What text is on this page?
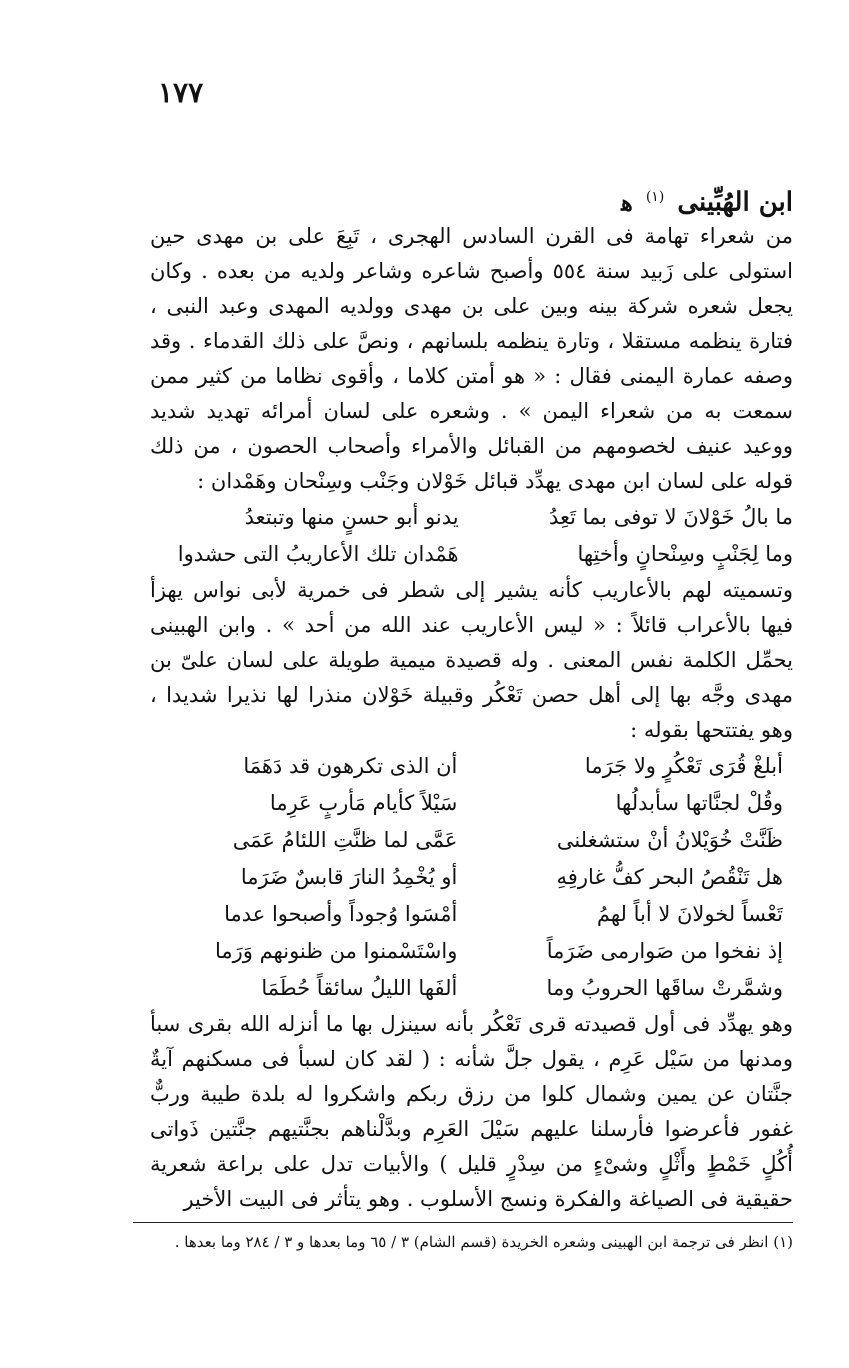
١٧٧
ابن الهُبِّينى $^{(١)}$ ﻫ

من شعراء تهامة فى القرن السادس الهجرى ، تَبِعَ على بن مهدى حين استولى على زَبيد سنة ٥٥٤ وأصبح شاعره وشاعر ولديه من بعده . وكان يجعل شعره شركة بينه وبين على بن مهدى وولديه المهدى وعبد النبى ، فتارة ينظمه مستقلا ، وتارة ينظمه بلسانهم ، ونصَّ على ذلك القدماء . وقد وصفه عمارة اليمنى فقال : « هو أمتن كلاما ، وأقوى نظاما من كثير ممن سمعت به من شعراء اليمن » . وشعره على لسان أمرائه تهديد شديد ووعيد عنيف لخصومهم من القبائل والأمراء وأصحاب الحصون ، من ذلك قوله على لسان ابن مهدى يهدِّد قبائل خَوْلان وجَنْب وسِنْحان وهَمْدان :

ما بالُ خَوْلانَ لا توفى بما تَعِدُ
يدنو أبو حسنٍ منها وتبتعدُ
وما لِجَنْبٍ وسِنْحانٍ وأختِها
هَمْدان تلك الأعاريبُ التى حشدوا

وتسميته لهم بالأعاريب كأنه يشير إلى شطر فى خمرية لأبى نواس يهزأ فيها بالأعراب قائلاً : « ليس الأعاريب عند الله من أحد » . وابن الهبينى يحمِّل الكلمة نفس المعنى . وله قصيدة ميمية طويلة على لسان علىّ بن مهدى وجَّه بها إلى أهل حصن تَعْكُر وقبيلة خَوْلان منذرا لها نذيرا شديدا ، وهو يفتتحها بقوله :

أبلغْ قُرَى تَعْكُرٍ ولا جَرَما
أن الذى تكرهون قد دَهَمَا
وقُلْ لجنَّاتها سأبدلُها
سَيْلاً كأيام مَأربٍ عَرِما
ظَنَّتْ خُوَيْلانُ أنْ ستشغلنى
عَمَّى لما ظنَّتِ اللئامُ عَمَى
هل تَنْقُصُ البحر كفُّ غارفِهِ
أو يُخْمِدُ النارَ قابسٌ ضَرَما
تَعْساً لخولانَ لا أباً لهمُ
أمْسَوا وُجوداً وأصبحوا عدما
إذ نفخوا من صَوارمى ضَرَماً
واسْتَسْمنوا من ظنونهم وَرَما
وشمَّرتْ ساقَها الحروبُ وما
ألفَها الليلُ سائقاً حُطَمَا

وهو يهدِّد فى أول قصيدته قرى تَعْكُر بأنه سينزل بها ما أنزله الله بقرى سبأ ومدنها من سَيْل عَرِم ، يقول جلَّ شأنه : ( لقد كان لسبأ فى مسكنهم آيةٌ جنَّتان عن يمين وشمال كلوا من رزق ربكم واشكروا له بلدة طيبة وربٌّ غفور فأعرضوا فأرسلنا عليهم سَيْلَ العَرِم وبدَّلْناهم بجنَّتيهم جنَّتين ذَواتى أُكُلٍ خَمْطٍ وأَثْلٍ وشىْءٍ من سِدْرٍ قليل ) والأبيات تدل على براعة شعرية حقيقية فى الصياغة والفكرة ونسج الأسلوب . وهو يتأثر فى البيت الأخير

(١) انظر فى ترجمة ابن الهبينى وشعره الخريدة (قسم الشام) ٣ / ٦٥ وما بعدها و ٣ / ٢٨٤ وما بعدها .
